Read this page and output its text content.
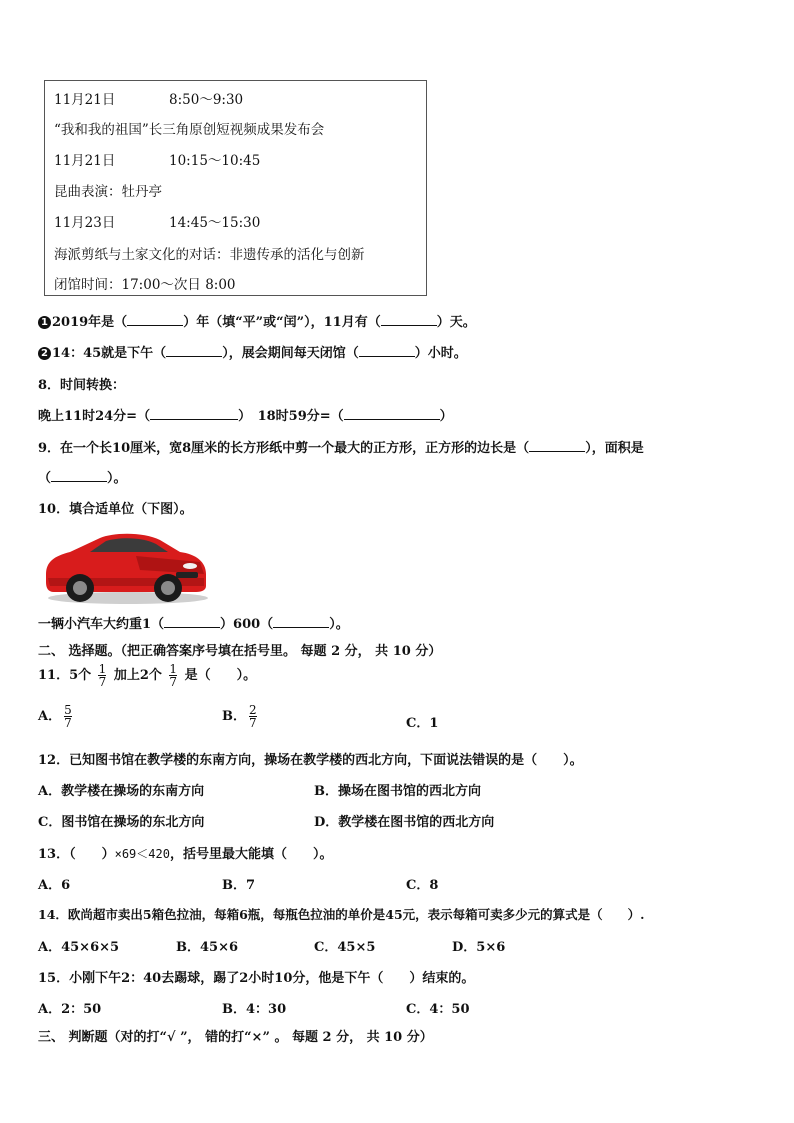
11月21日	8:50～9:30
“我和我的祖国”长三角原创短视频成果发布会
11月21日	10:15～10:45
昆曲表演：牡丹亭
11月23日	14:45～15:30
海派剪纸与土家文化的对话：非遗传承的活化与创新
闭馆时间：17:00～次日 8:00
1 2019年是（	）年（填“平”或“闰”），11月有（	）天。
2 14：45就是下午（	），展会期间每天闭馆（	）小时。
8．时间转换：
晚上11时24分=（	）　18时59分=（	）
9．在一个长10厘米，宽8厘米的长方形纸中剪一个最大的正方形，正方形的边长是（	），面积是
（	）。
10．填合适单位（下图）。
一辆小汽车大约重1（	）600（	）。
二、 选择题。（把正确答案序号填在括号里。 每题 2 分， 共 10 分）
11．5个 $\frac{1}{7}$ 加上2个 $\frac{1}{7}$ 是（　　）。
A． $\frac{5}{7}$	B． $\frac{2}{7}$	C．1
12．已知图书馆在教学楼的东南方向，操场在教学楼的西北方向，下面说法错误的是（　　）。
A．教学楼在操场的东南方向	B．操场在图书馆的西北方向
C．图书馆在操场的东北方向	D．教学楼在图书馆的西北方向
13．（　　）×69＜420，括号里最大能填（　　）。
A．6	B．7	C．8
14．欧尚超市卖出5箱色拉油，每箱6瓶，每瓶色拉油的单价是45元，表示每箱可卖多少元的算式是（　　）.
A．45×6×5	B．45×6	C．45×5	D．5×6
15．小刚下午2：40去踢球，踢了2小时10分，他是下午（　　）结束的。
A．2：50	B．4：30	C．4：50
三、 判断题（对的打“√ ”， 错的打“×” 。 每题 2 分， 共 10 分）
